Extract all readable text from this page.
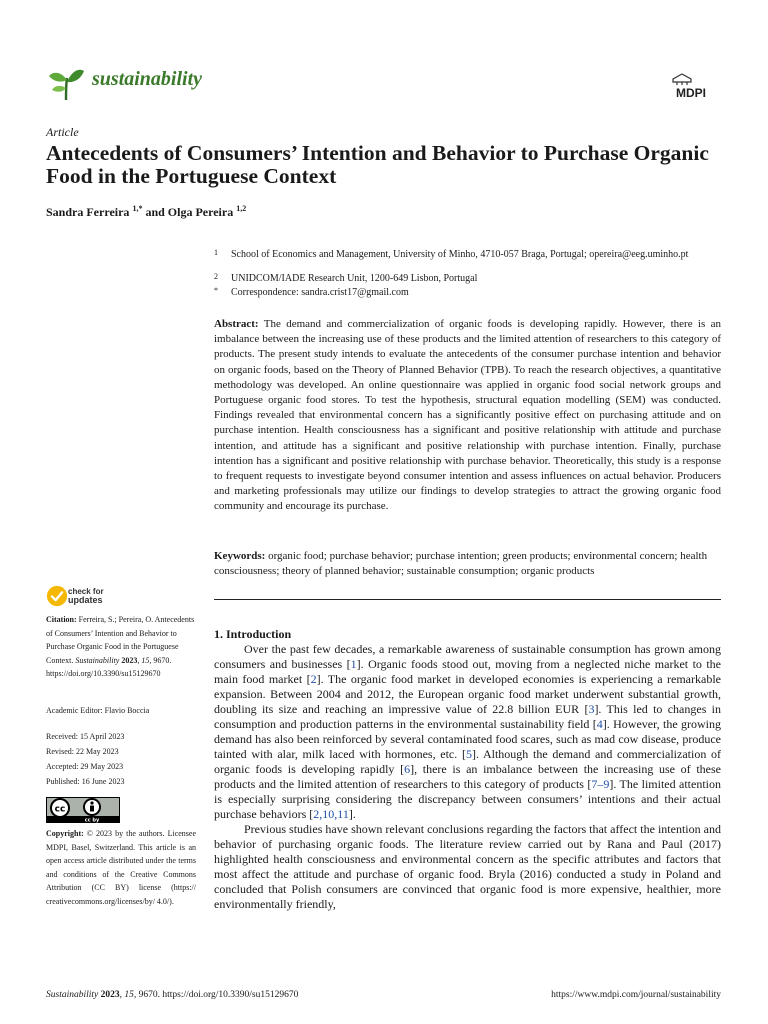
sustainability
MDPI
Article
Antecedents of Consumers’ Intention and Behavior to Purchase Organic Food in the Portuguese Context
Sandra Ferreira $^{1,*}$ and Olga Pereira $^{1,2}$
1 School of Economics and Management, University of Minho, 4710-057 Braga, Portugal; opereira@eeg.uminho.pt
2 UNIDCOM/IADE Research Unit, 1200-649 Lisbon, Portugal
* Correspondence: sandra.crist17@gmail.com
Abstract: The demand and commercialization of organic foods is developing rapidly. However, there is an imbalance between the increasing use of these products and the limited attention of researchers to this category of products. The present study intends to evaluate the antecedents of the consumer purchase intention and behavior on organic foods, based on the Theory of Planned Behavior (TPB). To reach the research objectives, a quantitative methodology was developed. An online questionnaire was applied in organic food social network groups and Portuguese organic food stores. To test the hypothesis, structural equation modelling (SEM) was conducted. Findings revealed that environmental concern has a significantly positive effect on purchasing attitude and on purchase intention. Health consciousness has a significant and positive relationship with attitude and purchase intention, and attitude has a significant and positive relationship with purchase intention. Finally, purchase intention has a significant and positive relationship with purchase behavior. Theoretically, this study is a response to frequent requests to investigate beyond consumer intention and assess influences on actual behavior. Producers and marketing professionals may utilize our findings to develop strategies to attract the growing organic food community and encourage its purchase.
Keywords: organic food; purchase behavior; purchase intention; green products; environmental concern; health consciousness; theory of planned behavior; sustainable consumption; organic products
check for
updates
Citation: Ferreira, S.; Pereira, O. Antecedents of Consumers’ Intention and Behavior to Purchase Organic Food in the Portuguese Context. Sustainability 2023, 15, 9670. https://doi.org/10.3390/su15129670
Academic Editor: Flavio Boccia
Received: 15 April 2023
Revised: 22 May 2023
Accepted: 29 May 2023
Published: 16 June 2023
cc
cc by
Copyright: © 2023 by the authors. Licensee MDPI, Basel, Switzerland. This article is an open access article distributed under the terms and conditions of the Creative Commons Attribution (CC BY) license (https:// creativecommons.org/licenses/by/ 4.0/).
1. Introduction

Over the past few decades, a remarkable awareness of sustainable consumption has grown among consumers and businesses [1]. Organic foods stood out, moving from a neglected niche market to the main food market [2]. The organic food market in developed economies is experiencing a remarkable expansion. Between 2004 and 2012, the European organic food market underwent substantial growth, doubling its size and reaching an impressive value of 22.8 billion EUR [3]. This led to changes in consumption and production patterns in the environmental sustainability field [4]. However, the growing demand has also been reinforced by several contaminated food scares, such as mad cow disease, produce tainted with alar, milk laced with hormones, etc. [5]. Although the demand and commercialization of organic foods is developing rapidly [6], there is an imbalance between the increasing use of these products and the limited attention of researchers to this category of products [7–9]. The limited attention is especially surprising considering the discrepancy between consumers’ intentions and their actual purchase behaviors [2,10,11].

Previous studies have shown relevant conclusions regarding the factors that affect the intention and behavior of purchasing organic foods. The literature review carried out by Rana and Paul (2017) highlighted health consciousness and environmental concern as the specific attributes and factors that most affect the attitude and purchase of organic food. Bryla (2016) conducted a study in Poland and concluded that Polish consumers are convinced that organic food is more expensive, healthier, more environmentally friendly,

Sustainability 2023, 15, 9670. https://doi.org/10.3390/su15129670	https://www.mdpi.com/journal/sustainability
